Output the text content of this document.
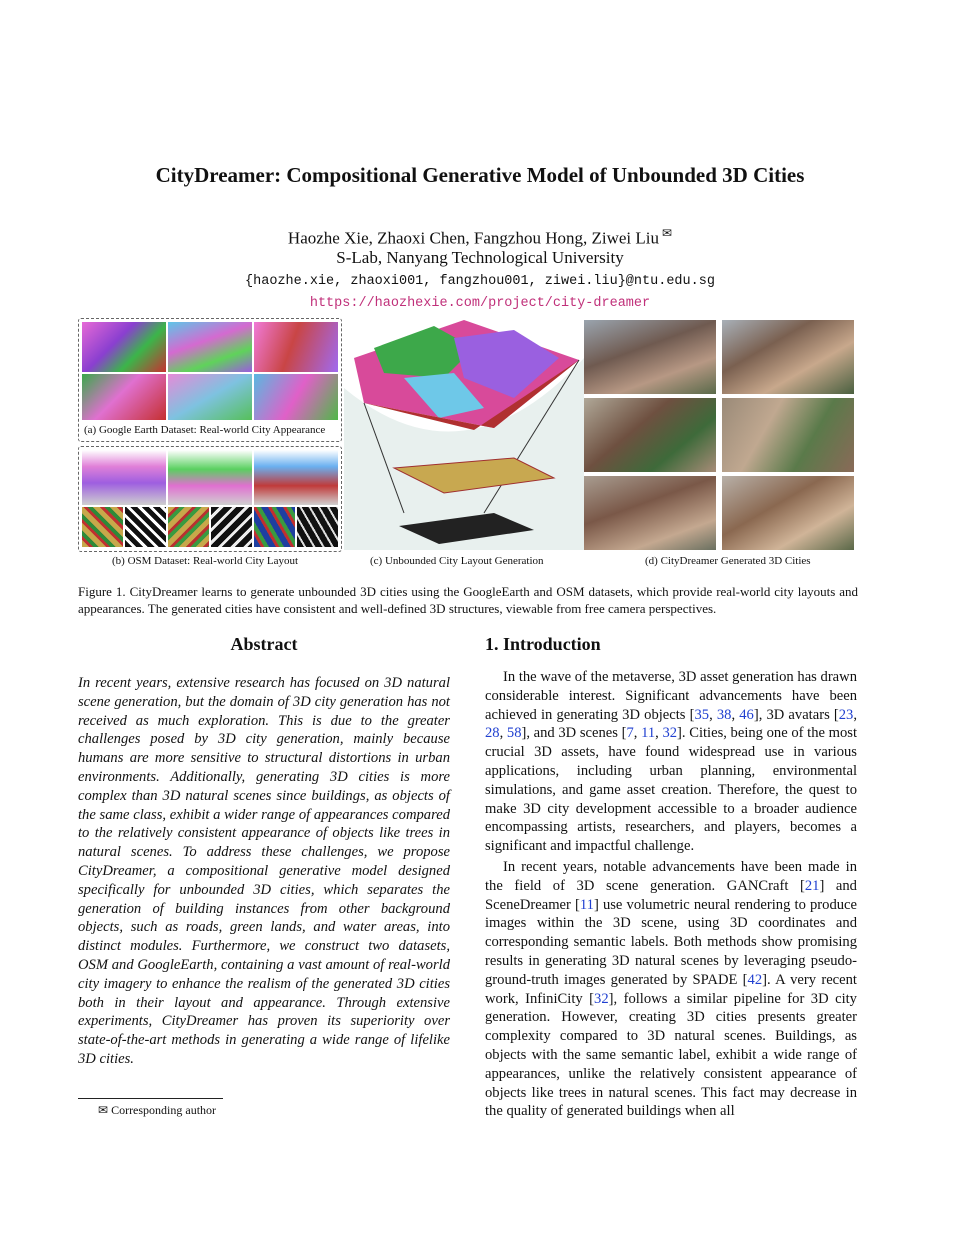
CityDreamer: Compositional Generative Model of Unbounded 3D Cities
Haozhe Xie, Zhaoxi Chen, Fangzhou Hong, Ziwei Liu ✉
S-Lab, Nanyang Technological University
{haozhe.xie, zhaoxi001, fangzhou001, ziwei.liu}@ntu.edu.sg
https://haozhexie.com/project/city-dreamer
(a) Google Earth Dataset: Real-world City Appearance
(b) OSM Dataset: Real-world City Layout	(c) Unbounded City Layout Generation	(d) CityDreamer Generated 3D Cities
Figure 1. CityDreamer learns to generate unbounded 3D cities using the GoogleEarth and OSM datasets, which provide real-world city layouts and appearances. The generated cities have consistent and well-defined 3D structures, viewable from free camera perspectives.
Abstract
In recent years, extensive research has focused on 3D natural scene generation, but the domain of 3D city generation has not received as much exploration. This is due to the greater challenges posed by 3D city generation, mainly because humans are more sensitive to structural distortions in urban environments. Additionally, generating 3D cities is more complex than 3D natural scenes since buildings, as objects of the same class, exhibit a wider range of appearances compared to the relatively consistent appearance of objects like trees in natural scenes. To address these challenges, we propose CityDreamer, a compositional generative model designed specifically for unbounded 3D cities, which separates the generation of building instances from other background objects, such as roads, green lands, and water areas, into distinct modules. Furthermore, we construct two datasets, OSM and GoogleEarth, containing a vast amount of real-world city imagery to enhance the realism of the generated 3D cities both in their layout and appearance. Through extensive experiments, CityDreamer has proven its superiority over state-of-the-art methods in generating a wide range of lifelike 3D cities.
1. Introduction
In the wave of the metaverse, 3D asset generation has drawn considerable interest. Significant advancements have been achieved in generating 3D objects [35, 38, 46], 3D avatars [23, 28, 58], and 3D scenes [7, 11, 32]. Cities, being one of the most crucial 3D assets, have found widespread use in various applications, including urban planning, environmental simulations, and game asset creation. Therefore, the quest to make 3D city development accessible to a broader audience encompassing artists, researchers, and players, becomes a significant and impactful challenge.
In recent years, notable advancements have been made in the field of 3D scene generation. GANCraft [21] and SceneDreamer [11] use volumetric neural rendering to produce images within the 3D scene, using 3D coordinates and corresponding semantic labels. Both methods show promising results in generating 3D natural scenes by leveraging pseudo-ground-truth images generated by SPADE [42]. A very recent work, InfiniCity [32], follows a similar pipeline for 3D city generation. However, creating 3D cities presents greater complexity compared to 3D natural scenes. Buildings, as objects with the same semantic label, exhibit a wide range of appearances, unlike the relatively consistent appearance of objects like trees in natural scenes. This fact may decrease in the quality of generated buildings when all
✉ Corresponding author
